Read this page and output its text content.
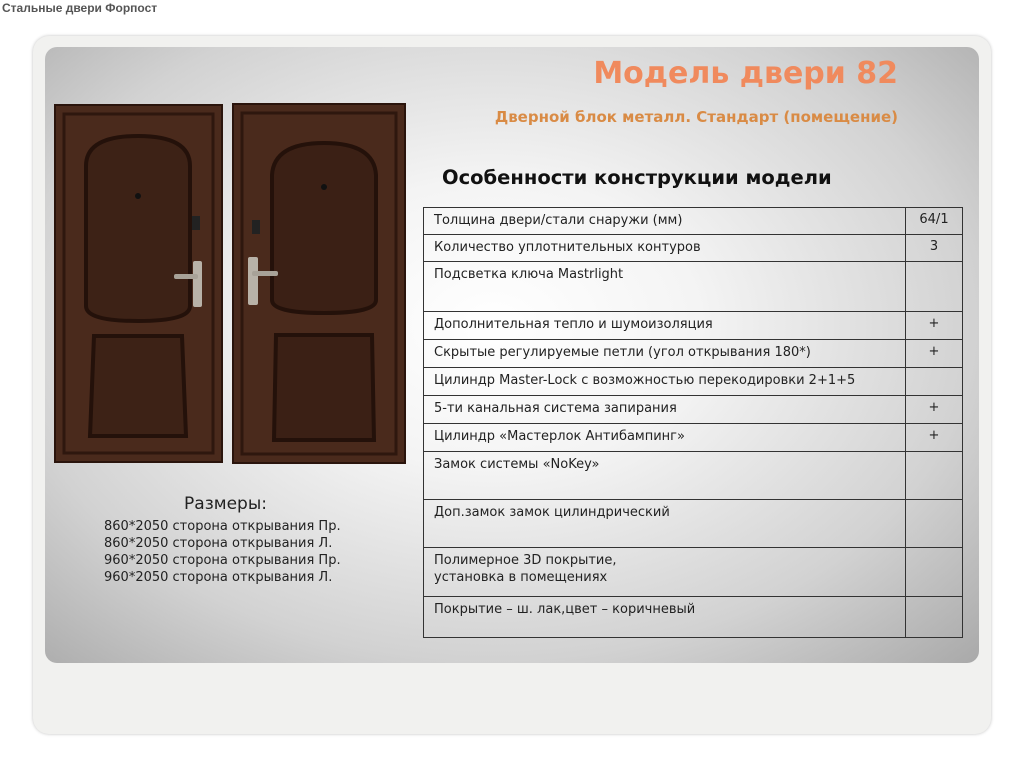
Стальные двери Форпост
Модель двери 82
Дверной блок металл. Стандарт (помещение)
Особенности конструкции модели
Толщина двери/стали снаружи (мм)	64/1
Количество уплотнительных контуров	3
Подсветка ключа Mastrlight	
Дополнительная тепло и шумоизоляция	+
Скрытые регулируемые петли (угол открывания 180*)	+
Цилиндр Master-Lock с возможностью перекодировки 2+1+5	
5-ти канальная система запирания	+
Цилиндр «Мастерлок Антибампинг»	+
Замок системы «NoKey»	
Доп.замок замок цилиндрический	
Полимерное 3D покрытие,
установка в помещениях	
Покрытие – ш. лак,цвет – коричневый	
Размеры:
860*2050 сторона открывания Пр.
860*2050 сторона открывания Л.
960*2050 сторона открывания Пр.
960*2050 сторона открывания Л.
